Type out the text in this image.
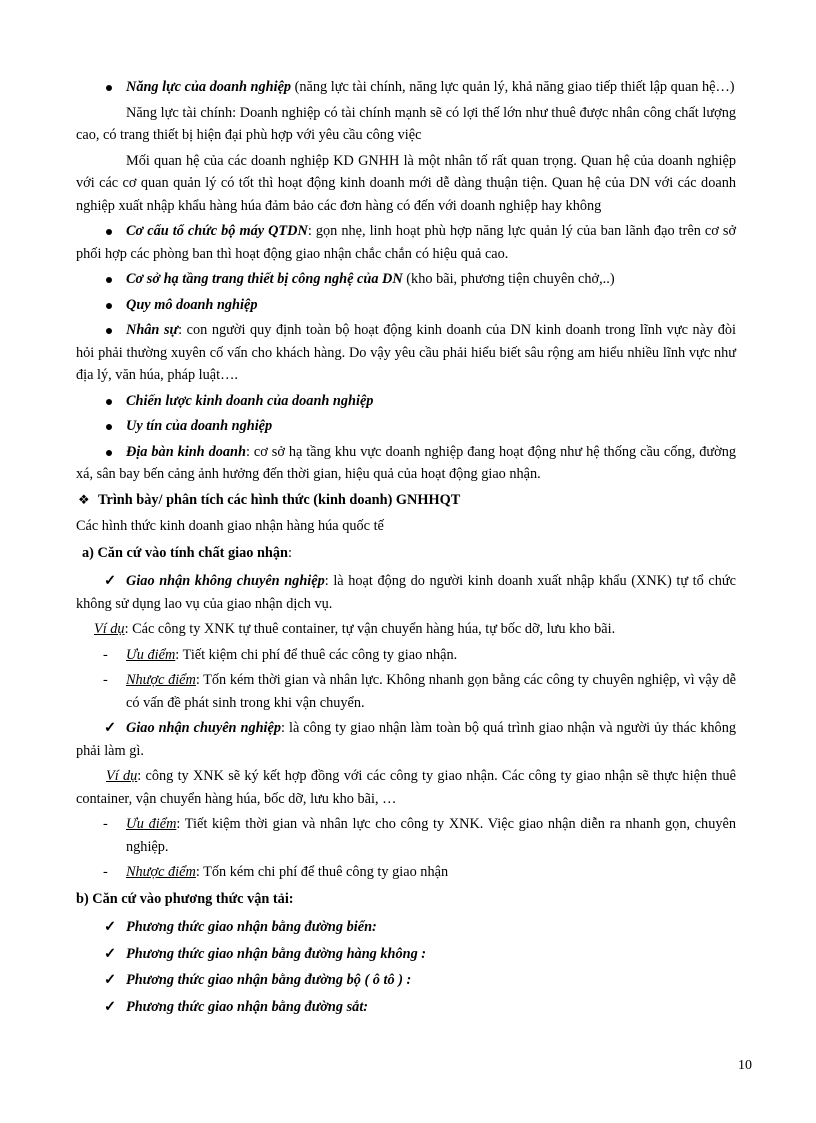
Năng lực của doanh nghiệp (năng lực tài chính, năng lực quản lý, khả năng giao tiếp thiết lập quan hệ…)

Năng lực tài chính: Doanh nghiệp có tài chính mạnh sẽ có lợi thế lớn như thuê được nhân công chất lượng cao, có trang thiết bị hiện đại phù hợp với yêu cầu công việc

Mối quan hệ của các doanh nghiệp KD GNHH là một nhân tố rất quan trọng. Quan hệ của doanh nghiệp với các cơ quan quản lý có tốt thì hoạt động kinh doanh mới dễ dàng thuận tiện. Quan hệ của DN với các doanh nghiệp xuất nhập khẩu hàng húa đảm bảo các đơn hàng có đến với doanh nghiệp hay không

Cơ cấu tổ chức bộ máy QTDN: gọn nhẹ, linh hoạt phù hợp năng lực quản lý của ban lãnh đạo trên cơ sở phối hợp các phòng ban thì hoạt động giao nhận chắc chắn có hiệu quả cao.

Cơ sở hạ tầng trang thiết bị công nghệ của DN (kho bãi, phương tiện chuyên chở,..)

Quy mô doanh nghiệp

Nhân sự: con người quy định toàn bộ hoạt động kinh doanh của DN kinh doanh trong lĩnh vực này đòi hỏi phải thường xuyên cố vấn cho khách hàng. Do vậy yêu cầu phải hiểu biết sâu rộng am hiểu nhiều lĩnh vực như địa lý, văn húa, pháp luật….

Chiến lược kinh doanh của doanh nghiệp

Uy tín của doanh nghiệp

Địa bàn kinh doanh: cơ sở hạ tầng khu vực doanh nghiệp đang hoạt động như hệ thống cầu cống, đường xá, sân bay bến cảng ảnh hưởng đến thời gian, hiệu quả của hoạt động giao nhận.

❖ Trình bày/ phân tích các hình thức (kinh doanh) GNHHQT

Các hình thức kinh doanh giao nhận hàng húa quốc tế

a) Căn cứ vào tính chất giao nhận:

✓ Giao nhận không chuyên nghiệp: là hoạt động do người kinh doanh xuất nhập khẩu (XNK) tự tổ chức không sử dụng lao vụ của giao nhận dịch vụ.

Ví dụ: Các công ty XNK tự thuê container, tự vận chuyển hàng húa, tự bốc dỡ, lưu kho bãi.

- Ưu điểm: Tiết kiệm chi phí để thuê các công ty giao nhận.

- Nhược điểm: Tốn kém thời gian và nhân lực. Không nhanh gọn bằng các công ty chuyên nghiệp, vì vậy dễ có vấn đề phát sinh trong khi vận chuyển.

✓ Giao nhận chuyên nghiệp: là công ty giao nhận làm toàn bộ quá trình giao nhận và người ủy thác không phải làm gì.

Ví dụ: công ty XNK sẽ ký kết hợp đồng với các công ty giao nhận. Các công ty giao nhận sẽ thực hiện thuê container, vận chuyển hàng húa, bốc dỡ, lưu kho bãi, …

- Ưu điểm: Tiết kiệm thời gian và nhân lực cho công ty XNK. Việc giao nhận diễn ra nhanh gọn, chuyên nghiệp.

- Nhược điểm: Tốn kém chi phí để thuê công ty giao nhận

b) Căn cứ vào phương thức vận tải:
✓ Phương thức giao nhận bằng đường biển:
✓ Phương thức giao nhận bằng đường hàng không :
✓ Phương thức giao nhận bằng đường bộ ( ô tô ) :
✓ Phương thức giao nhận bằng đường sắt:
10
